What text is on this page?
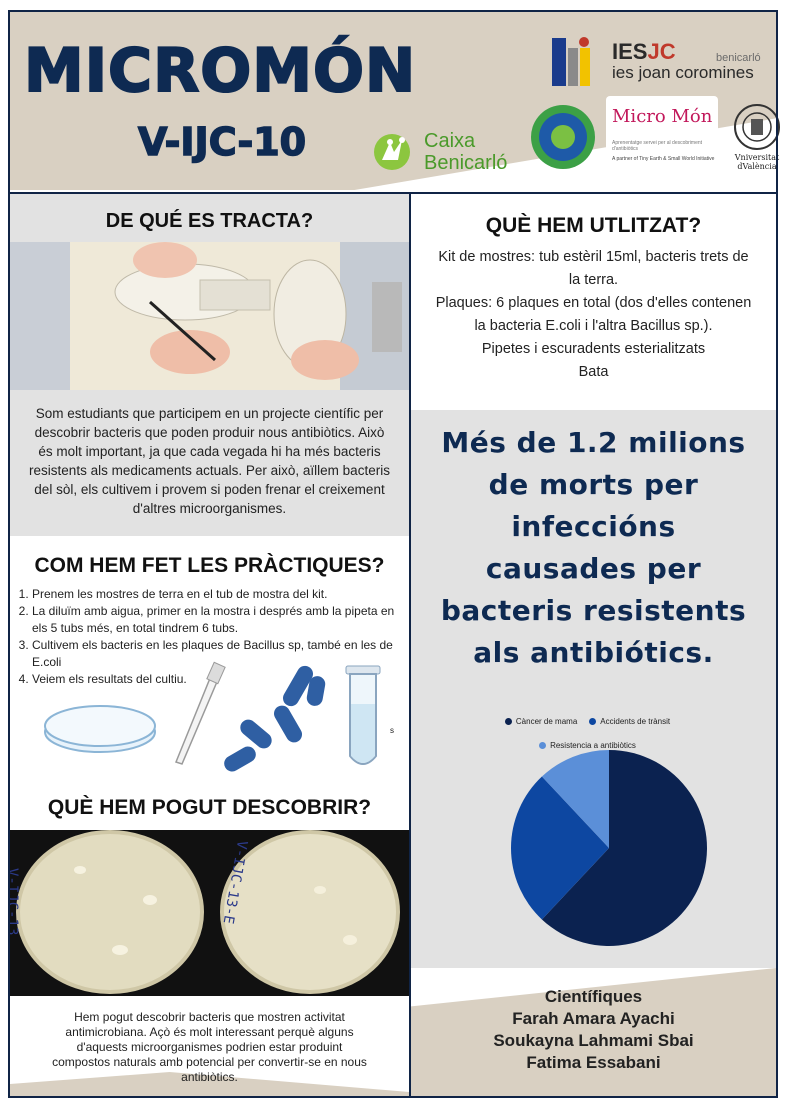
MICROMÓN
V-IJC-10	Caixa
Benicarló
IESJC
ies joan coromines
benicarló
Micro Món
Aprenentatge servei per al descobriment d'antibiòtics
A partner of Tiny Earth & Small World Initiative	Vniversitat
dValència
DE QUÉ ES TRACTA?
Som estudiants que participem en un projecte científic per descobrir bacteris que poden produir nous antibiòtics. Això és molt important, ja que cada vegada hi ha més bacteris resistents als medicaments actuals. Per això, aïllem bacteris del sòl, els cultivem i provem si poden frenar el creixement d'altres microorganismes.
COM HEM FET LES PRÀCTIQUES?
1. Prenem les mostres de terra en el tub de mostra del kit.
2. La diluïm amb aigua, primer en la mostra i després amb la pipeta en els 5 tubs més, en total tindrem 6 tubs.
3. Cultivem els bacteris en les plaques de Bacillus sp, també en les de E.coli
4. Veiem els resultats del cultiu.
s
QUÈ HEM POGUT DESCOBRIR?
V-IJC-13	V-IJC-13-E
Hem pogut descobrir bacteris que mostren activitat antimicrobiana. Açò és molt interessant perquè alguns d'aquests microorganismes podrien estar produint compostos naturals amb potencial per convertir-se en nous antibiòtics.
QUÈ HEM UTLITZAT?
Kit de mostres: tub estèril 15ml, bacteris trets de la terra.
Plaques: 6 plaques en total (dos d'elles contenen la bacteria E.coli i l'altra Bacillus sp.).
Pipetes i escuradents esterialitzats
Bata
Més de 1.2 milions de morts per infeccións causades per bacteris resistents als antibiótics.
Càncer de mama	Accidents de trànsit
Resistencia a antibiòtics
Científiques
Farah Amara Ayachi
Soukayna Lahmami Sbai
Fatima Essabani
